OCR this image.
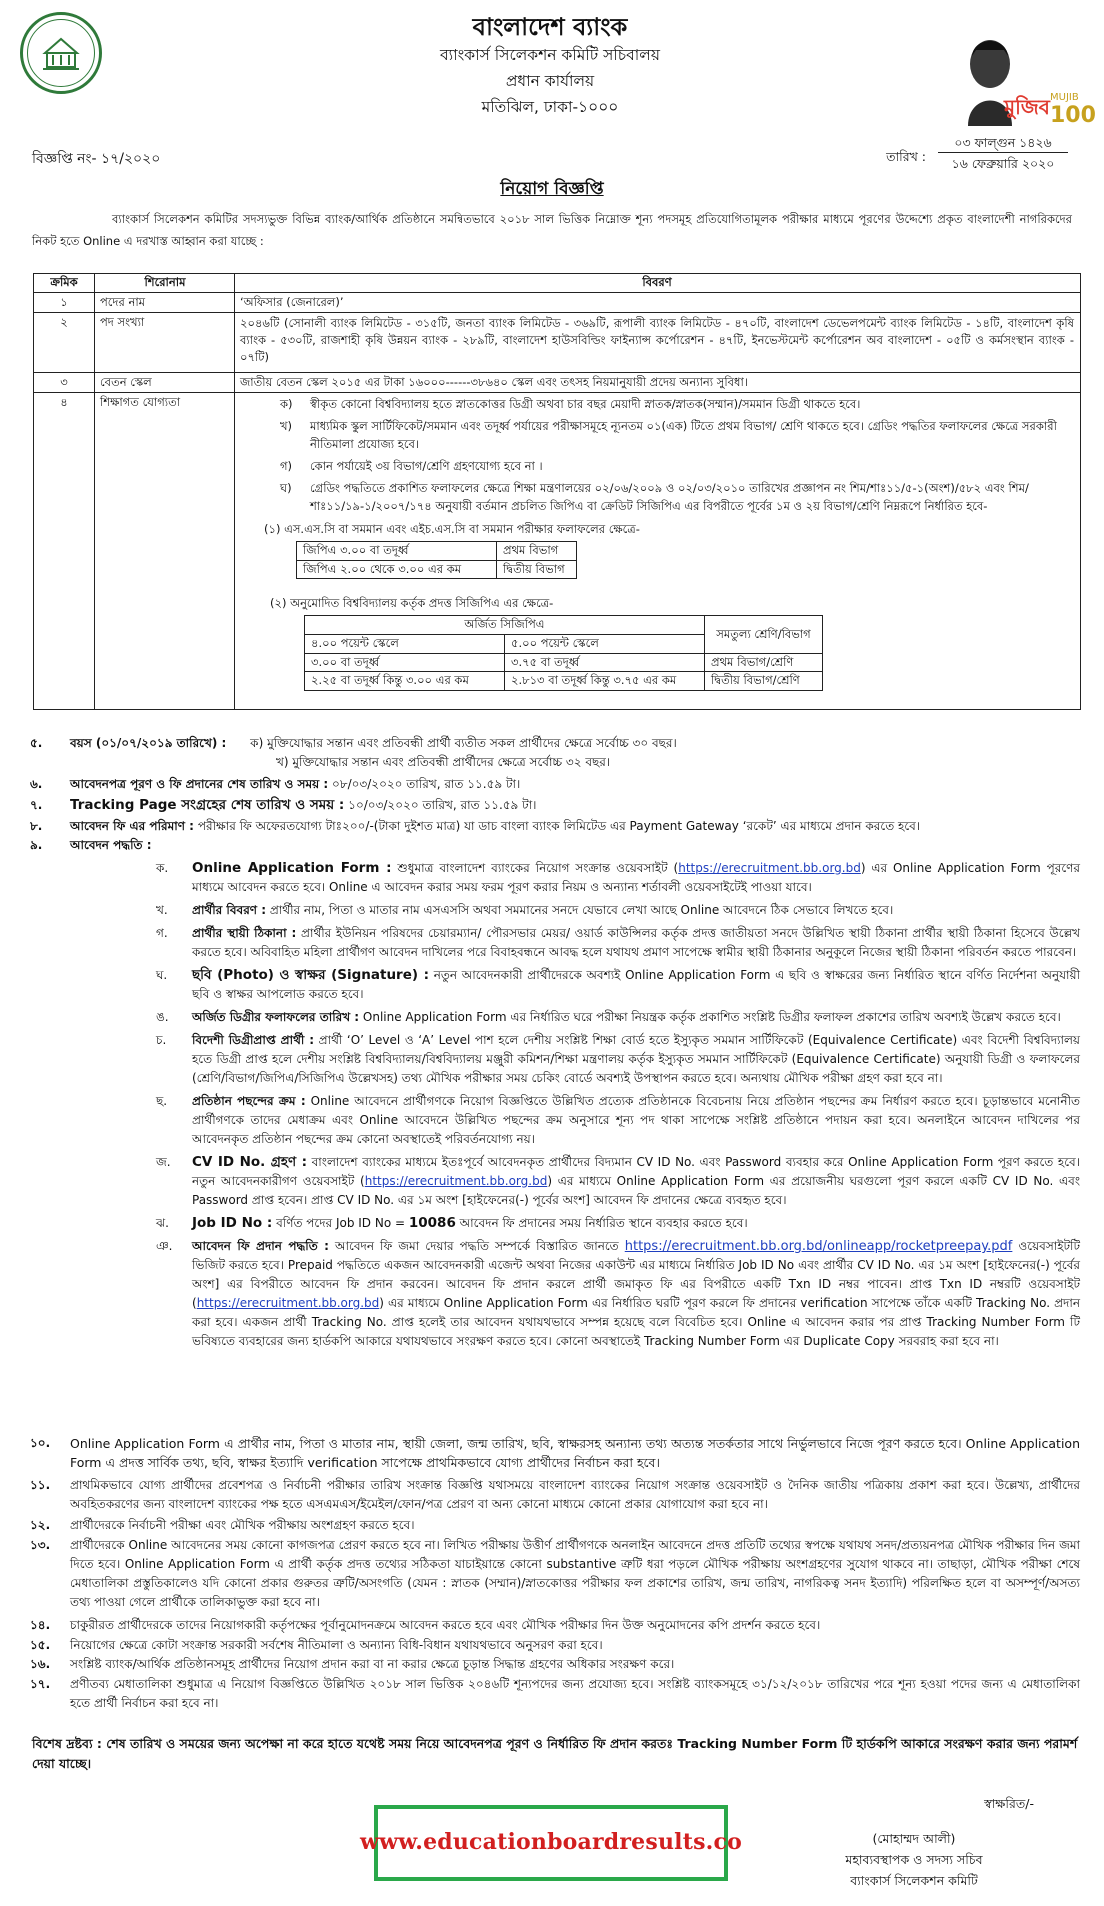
বাংলাদেশ ব্যাংক
ব্যাংকার্স সিলেকশন কমিটি সচিবালয়
প্রধান কার্যালয়
মতিঝিল, ঢাকা-১০০০	মুজিব MUJIB
100
বিজ্ঞপ্তি নং- ১৭/২০২০	তারিখ :
০৩ ফাল্গুন ১৪২৬
১৬ ফেব্রুয়ারি ২০২০
নিয়োগ বিজ্ঞপ্তি
ব্যাংকার্স সিলেকশন কমিটির সদস্যভুক্ত বিভিন্ন ব্যাংক/আর্থিক প্রতিষ্ঠানে সমন্বিতভাবে ২০১৮ সাল ভিত্তিক নিম্নোক্ত শূন্য পদসমূহ প্রতিযোগিতামূলক পরীক্ষার মাধ্যমে পূরণের উদ্দেশ্যে প্রকৃত বাংলাদেশী নাগরিকদের নিকট হতে Online এ দরখাস্ত আহ্বান করা যাচ্ছে :
ক্রমিক	শিরোনাম	বিবরণ
১	পদের নাম	‘অফিসার (জেনারেল)’
২	পদ সংখ্যা	২০৪৬টি (সোনালী ব্যাংক লিমিটেড - ৩১৫টি, জনতা ব্যাংক লিমিটেড - ৩৬৯টি, রূপালী ব্যাংক লিমিটেড - ৪৭০টি, বাংলাদেশ ডেভেলপমেন্ট ব্যাংক লিমিটেড - ১৪টি, বাংলাদেশ কৃষি ব্যাংক - ৫৩০টি, রাজশাহী কৃষি উন্নয়ন ব্যাংক - ২৮৯টি, বাংলাদেশ হাউসবিল্ডিং ফাইন্যান্স কর্পোরেশন - ৪৭টি, ইনভেস্টমেন্ট কর্পোরেশন অব বাংলাদেশ - ০৫টি ও কর্মসংস্থান ব্যাংক - ০৭টি)
৩	বেতন স্কেল	জাতীয় বেতন স্কেল ২০১৫ এর টাকা ১৬০০০------৩৮৬৪০ স্কেল এবং তৎসহ নিয়মানুযায়ী প্রদেয় অন্যান্য সুবিধা।
৪	শিক্ষাগত যোগ্যতা	ক) স্বীকৃত কোনো বিশ্ববিদ্যালয় হতে স্নাতকোত্তর ডিগ্রী অথবা চার বছর মেয়াদী স্নাতক/স্নাতক(সম্মান)/সমমান ডিগ্রী থাকতে হবে।
খ) মাধ্যমিক স্কুল সার্টিফিকেট/সমমান এবং তদূর্ধ্ব পর্যায়ের পরীক্ষাসমূহে ন্যূনতম ০১(এক) টিতে প্রথম বিভাগ/ শ্রেণি থাকতে হবে। গ্রেডিং পদ্ধতির ফলাফলের ক্ষেত্রে সরকারী নীতিমালা প্রযোজ্য হবে।
গ) কোন পর্যায়েই ৩য় বিভাগ/শ্রেণি গ্রহণযোগ্য হবে না ।
ঘ) গ্রেডিং পদ্ধতিতে প্রকাশিত ফলাফলের ক্ষেত্রে শিক্ষা মন্ত্রণালয়ের ০২/০৬/২০০৯ ও ০২/০৩/২০১০ তারিখের প্রজ্ঞাপন নং শিম/শাঃ১১/৫-১(অংশ)/৫৮২ এবং শিম/শাঃ১১/১৯-১/২০০৭/১৭৪ অনুযায়ী বর্তমান প্রচলিত জিপিএ বা ক্রেডিট সিজিপিএ এর বিপরীতে পূর্বের ১ম ও ২য় বিভাগ/শ্রেণি নিম্নরূপে নির্ধারিত হবে-
(১) এস.এস.সি বা সমমান এবং এইচ.এস.সি বা সমমান পরীক্ষার ফলাফলের ক্ষেত্রে-
জিপিএ ৩.০০ বা তদূর্ধ্ব	প্রথম বিভাগ
জিপিএ ২.০০ থেকে ৩.০০ এর কম	দ্বিতীয় বিভাগ
(২) অনুমোদিত বিশ্ববিদ্যালয় কর্তৃক প্রদত্ত সিজিপিএ এর ক্ষেত্রে-
অর্জিত সিজিপিএ		সমতুল্য শ্রেণি/বিভাগ
৪.০০ পয়েন্ট স্কেলে	৫.০০ পয়েন্ট স্কেলে	
৩.০০ বা তদূর্ধ্ব	৩.৭৫ বা তদূর্ধ্ব	প্রথম বিভাগ/শ্রেণি
২.২৫ বা তদূর্ধ্ব কিন্তু ৩.০০ এর কম	২.৮১৩ বা তদূর্ধ্ব কিন্তু ৩.৭৫ এর কম	দ্বিতীয় বিভাগ/শ্রেণি
৫.	বয়স (০১/০৭/২০১৯ তারিখে) : ক) মুক্তিযোদ্ধার সন্তান এবং প্রতিবন্ধী প্রার্থী ব্যতীত সকল প্রার্থীদের ক্ষেত্রে সর্বোচ্চ ৩০ বছর।
খ) মুক্তিযোদ্ধার সন্তান এবং প্রতিবন্ধী প্রার্থীদের ক্ষেত্রে সর্বোচ্চ ৩২ বছর।
৬.	আবেদনপত্র পূরণ ও ফি প্রদানের শেষ তারিখ ও সময় : ০৮/০৩/২০২০ তারিখ, রাত ১১.৫৯ টা।
৭.	Tracking Page সংগ্রহের শেষ তারিখ ও সময় : ১০/০৩/২০২০ তারিখ, রাত ১১.৫৯ টা।
৮.	আবেদন ফি এর পরিমাণ : পরীক্ষার ফি অফেরতযোগ্য টাঃ২০০/-(টাকা দুইশত মাত্র) যা ডাচ বাংলা ব্যাংক লিমিটেড এর Payment Gateway ‘রকেট’ এর মাধ্যমে প্রদান করতে হবে।
৯.	আবেদন পদ্ধতি :
ক. Online Application Form : শুধুমাত্র বাংলাদেশ ব্যাংকের নিয়োগ সংক্রান্ত ওয়েবসাইট (https://erecruitment.bb.org.bd) এর Online Application Form পূরণের মাধ্যমে আবেদন করতে হবে। Online এ আবেদন করার সময় ফরম পূরণ করার নিয়ম ও অন্যান্য শর্তাবলী ওয়েবসাইটেই পাওয়া যাবে।
খ. প্রার্থীর বিবরণ : প্রার্থীর নাম, পিতা ও মাতার নাম এসএসসি অথবা সমমানের সনদে যেভাবে লেখা আছে Online আবেদনে ঠিক সেভাবে লিখতে হবে।
গ. প্রার্থীর স্থায়ী ঠিকানা : প্রার্থীর ইউনিয়ন পরিষদের চেয়ারম্যান/ পৌরসভার মেয়র/ ওয়ার্ড কাউন্সিলর কর্তৃক প্রদত্ত জাতীয়তা সনদে উল্লিখিত স্থায়ী ঠিকানা প্রার্থীর স্থায়ী ঠিকানা হিসেবে উল্লেখ করতে হবে। অবিবাহিত মহিলা প্রার্থীগণ আবেদন দাখিলের পরে বিবাহবন্ধনে আবদ্ধ হলে যথাযথ প্রমাণ সাপেক্ষে স্বামীর স্থায়ী ঠিকানার অনুকূলে নিজের স্থায়ী ঠিকানা পরিবর্তন করতে পারবেন।
ঘ. ছবি (Photo) ও স্বাক্ষর (Signature) : নতুন আবেদনকারী প্রার্থীদেরকে অবশ্যই Online Application Form এ ছবি ও স্বাক্ষরের জন্য নির্ধারিত স্থানে বর্ণিত নির্দেশনা অনুযায়ী ছবি ও স্বাক্ষর আপলোড করতে হবে।
ঙ. অর্জিত ডিগ্রীর ফলাফলের তারিখ : Online Application Form এর নির্ধারিত ঘরে পরীক্ষা নিয়ন্ত্রক কর্তৃক প্রকাশিত সংশ্লিষ্ট ডিগ্রীর ফলাফল প্রকাশের তারিখ অবশ্যই উল্লেখ করতে হবে।
চ. বিদেশী ডিগ্রীপ্রাপ্ত প্রার্থী : প্রার্থী ‘O’ Level ও ‘A’ Level পাশ হলে দেশীয় সংশ্লিষ্ট শিক্ষা বোর্ড হতে ইস্যুকৃত সমমান সার্টিফিকেট (Equivalence Certificate) এবং বিদেশী বিশ্ববিদ্যালয় হতে ডিগ্রী প্রাপ্ত হলে দেশীয় সংশ্লিষ্ট বিশ্ববিদ্যালয়/বিশ্ববিদ্যালয় মঞ্জুরী কমিশন/শিক্ষা মন্ত্রণালয় কর্তৃক ইস্যুকৃত সমমান সার্টিফিকেট (Equivalence Certificate) অনুযায়ী ডিগ্রী ও ফলাফলের (শ্রেণি/বিভাগ/জিপিএ/সিজিপিএ উল্লেখসহ) তথ্য মৌখিক পরীক্ষার সময় চেকিং বোর্ডে অবশ্যই উপস্থাপন করতে হবে। অন্যথায় মৌখিক পরীক্ষা গ্রহণ করা হবে না।
ছ. প্রতিষ্ঠান পছন্দের ক্রম : Online আবেদনে প্রার্থীগণকে নিয়োগ বিজ্ঞপ্তিতে উল্লিখিত প্রত্যেক প্রতিষ্ঠানকে বিবেচনায় নিয়ে প্রতিষ্ঠান পছন্দের ক্রম নির্ধারণ করতে হবে। চূড়ান্তভাবে মনোনীত প্রার্থীগণকে তাদের মেধাক্রম এবং Online আবেদনে উল্লিখিত পছন্দের ক্রম অনুসারে শূন্য পদ থাকা সাপেক্ষে সংশ্লিষ্ট প্রতিষ্ঠানে পদায়ন করা হবে। অনলাইনে আবেদন দাখিলের পর আবেদনকৃত প্রতিষ্ঠান পছন্দের ক্রম কোনো অবস্থাতেই পরিবর্তনযোগ্য নয়।
জ. CV ID No. গ্রহণ : বাংলাদেশ ব্যাংকের মাধ্যমে ইতঃপূর্বে আবেদনকৃত প্রার্থীদের বিদ্যমান CV ID No. এবং Password ব্যবহার করে Online Application Form পূরণ করতে হবে। নতুন আবেদনকারীগণ ওয়েবসাইট (https://erecruitment.bb.org.bd) এর মাধ্যমে Online Application Form এর প্রয়োজনীয় ঘরগুলো পূরণ করলে একটি CV ID No. এবং Password প্রাপ্ত হবেন। প্রাপ্ত CV ID No. এর ১ম অংশ [হাইফেনের(-) পূর্বের অংশ] আবেদন ফি প্রদানের ক্ষেত্রে ব্যবহৃত হবে।
ঝ. Job ID No : বর্ণিত পদের Job ID No = 10086 আবেদন ফি প্রদানের সময় নির্ধারিত স্থানে ব্যবহার করতে হবে।
ঞ. আবেদন ফি প্রদান পদ্ধতি : আবেদন ফি জমা দেয়ার পদ্ধতি সম্পর্কে বিস্তারিত জানতে https://erecruitment.bb.org.bd/onlineapp/rocketpreepay.pdf ওয়েবসাইটটি ভিজিট করতে হবে। Prepaid পদ্ধতিতে একজন আবেদনকারী এজেন্ট অথবা নিজের একাউন্ট এর মাধ্যমে নির্ধারিত Job ID No এবং প্রার্থীর CV ID No. এর ১ম অংশ [হাইফেনের(-) পূর্বের অংশ] এর বিপরীতে আবেদন ফি প্রদান করবেন। আবেদন ফি প্রদান করলে প্রার্থী জমাকৃত ফি এর বিপরীতে একটি Txn ID নম্বর পাবেন। প্রাপ্ত Txn ID নম্বরটি ওয়েবসাইট (https://erecruitment.bb.org.bd) এর মাধ্যমে Online Application Form এর নির্ধারিত ঘরটি পূরণ করলে ফি প্রদানের verification সাপেক্ষে তাঁকে একটি Tracking No. প্রদান করা হবে। একজন প্রার্থী Tracking No. প্রাপ্ত হলেই তার আবেদন যথাযথভাবে সম্পন্ন হয়েছে বলে বিবেচিত হবে। Online এ আবেদন করার পর প্রাপ্ত Tracking Number Form টি ভবিষ্যতে ব্যবহারের জন্য হার্ডকপি আকারে যথাযথভাবে সংরক্ষণ করতে হবে। কোনো অবস্থাতেই Tracking Number Form এর Duplicate Copy সরবরাহ করা হবে না।
১০.	Online Application Form এ প্রার্থীর নাম, পিতা ও মাতার নাম, স্থায়ী জেলা, জন্ম তারিখ, ছবি, স্বাক্ষরসহ অন্যান্য তথ্য অত্যন্ত সতর্কতার সাথে নির্ভুলভাবে নিজে পূরণ করতে হবে। Online Application Form এ প্রদত্ত সার্বিক তথ্য, ছবি, স্বাক্ষর ইত্যাদি verification সাপেক্ষে প্রাথমিকভাবে যোগ্য প্রার্থীদের নির্বাচন করা হবে।
১১.	প্রাথমিকভাবে যোগ্য প্রার্থীদের প্রবেশপত্র ও নির্বাচনী পরীক্ষার তারিখ সংক্রান্ত বিজ্ঞপ্তি যথাসময়ে বাংলাদেশ ব্যাংকের নিয়োগ সংক্রান্ত ওয়েবসাইট ও দৈনিক জাতীয় পত্রিকায় প্রকাশ করা হবে। উল্লেখ্য, প্রার্থীদের অবহিতকরণের জন্য বাংলাদেশ ব্যাংকের পক্ষ হতে এসএমএস/ইমেইল/ফোন/পত্র প্রেরণ বা অন্য কোনো মাধ্যমে কোনো প্রকার যোগাযোগ করা হবে না।
১২.	প্রার্থীদেরকে নির্বাচনী পরীক্ষা এবং মৌখিক পরীক্ষায় অংশগ্রহণ করতে হবে।
১৩.	প্রার্থীদেরকে Online আবেদনের সময় কোনো কাগজপত্র প্রেরণ করতে হবে না। লিখিত পরীক্ষায় উত্তীর্ণ প্রার্থীগণকে অনলাইন আবেদনে প্রদত্ত প্রতিটি তথ্যের স্বপক্ষে যথাযথ সনদ/প্রত্যয়নপত্র মৌখিক পরীক্ষার দিন জমা দিতে হবে। Online Application Form এ প্রার্থী কর্তৃক প্রদত্ত তথ্যের সঠিকতা যাচাইয়ান্তে কোনো substantive ত্রুটি ধরা পড়লে মৌখিক পরীক্ষায় অংশগ্রহণের সুযোগ থাকবে না। তাছাড়া, মৌখিক পরীক্ষা শেষে মেধাতালিকা প্রস্তুতিকালেও যদি কোনো প্রকার গুরুতর ত্রুটি/অসংগতি (যেমন : স্নাতক (সম্মান)/স্নাতকোত্তর পরীক্ষার ফল প্রকাশের তারিখ, জন্ম তারিখ, নাগরিকত্ব সনদ ইত্যাদি) পরিলক্ষিত হলে বা অসম্পূর্ণ/অসত্য তথ্য পাওয়া গেলে প্রার্থীকে তালিকাভুক্ত করা হবে না।
১৪.	চাকুরীরত প্রার্থীদেরকে তাদের নিয়োগকারী কর্তৃপক্ষের পূর্বানুমোদনক্রমে আবেদন করতে হবে এবং মৌখিক পরীক্ষার দিন উক্ত অনুমোদনের কপি প্রদর্শন করতে হবে।
১৫.	নিয়োগের ক্ষেত্রে কোটা সংক্রান্ত সরকারী সর্বশেষ নীতিমালা ও অন্যান্য বিধি-বিধান যথাযথভাবে অনুসরণ করা হবে।
১৬.	সংশ্লিষ্ট ব্যাংক/আর্থিক প্রতিষ্ঠানসমূহ প্রার্থীদের নিয়োগ প্রদান করা বা না করার ক্ষেত্রে চূড়ান্ত সিদ্ধান্ত গ্রহণের অধিকার সংরক্ষণ করে।
১৭.	প্রণীতব্য মেধাতালিকা শুধুমাত্র এ নিয়োগ বিজ্ঞপ্তিতে উল্লিখিত ২০১৮ সাল ভিত্তিক ২০৪৬টি শূন্যপদের জন্য প্রযোজ্য হবে। সংশ্লিষ্ট ব্যাংকসমূহে ৩১/১২/২০১৮ তারিখের পরে শূন্য হওয়া পদের জন্য এ মেধাতালিকা হতে প্রার্থী নির্বাচন করা হবে না।
বিশেষ দ্রষ্টব্য : শেষ তারিখ ও সময়ের জন্য অপেক্ষা না করে হাতে যথেষ্ট সময় নিয়ে আবেদনপত্র পূরণ ও নির্ধারিত ফি প্রদান করতঃ Tracking Number Form টি হার্ডকপি আকারে সংরক্ষণ করার জন্য পরামর্শ দেয়া যাচ্ছে।
www.educationboardresults.co
স্বাক্ষরিত/-
(মোহাম্মদ আলী)
মহাব্যবস্থাপক ও সদস্য সচিব
ব্যাংকার্স সিলেকশন কমিটি
